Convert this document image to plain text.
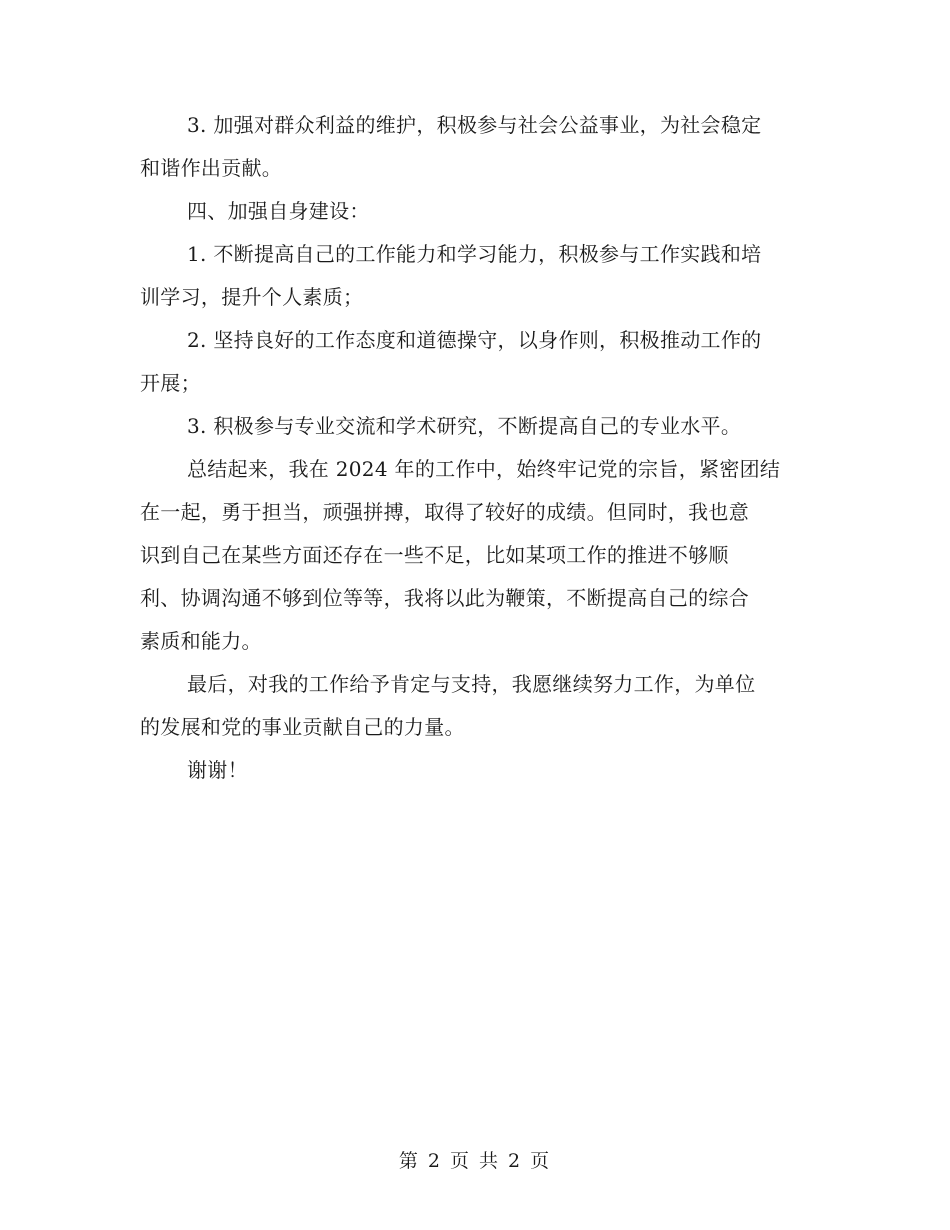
3. 加强对群众利益的维护，积极参与社会公益事业，为社会稳定
和谐作出贡献。

四、加强自身建设：

1. 不断提高自己的工作能力和学习能力，积极参与工作实践和培
训学习，提升个人素质；

2. 坚持良好的工作态度和道德操守，以身作则，积极推动工作的
开展；

3. 积极参与专业交流和学术研究，不断提高自己的专业水平。

总结起来，我在 2024 年的工作中，始终牢记党的宗旨，紧密团结
在一起，勇于担当，顽强拼搏，取得了较好的成绩。但同时，我也意
识到自己在某些方面还存在一些不足，比如某项工作的推进不够顺
利、协调沟通不够到位等等，我将以此为鞭策，不断提高自己的综合
素质和能力。

最后，对我的工作给予肯定与支持，我愿继续努力工作，为单位
的发展和党的事业贡献自己的力量。

谢谢！

第 2 页 共 2 页
